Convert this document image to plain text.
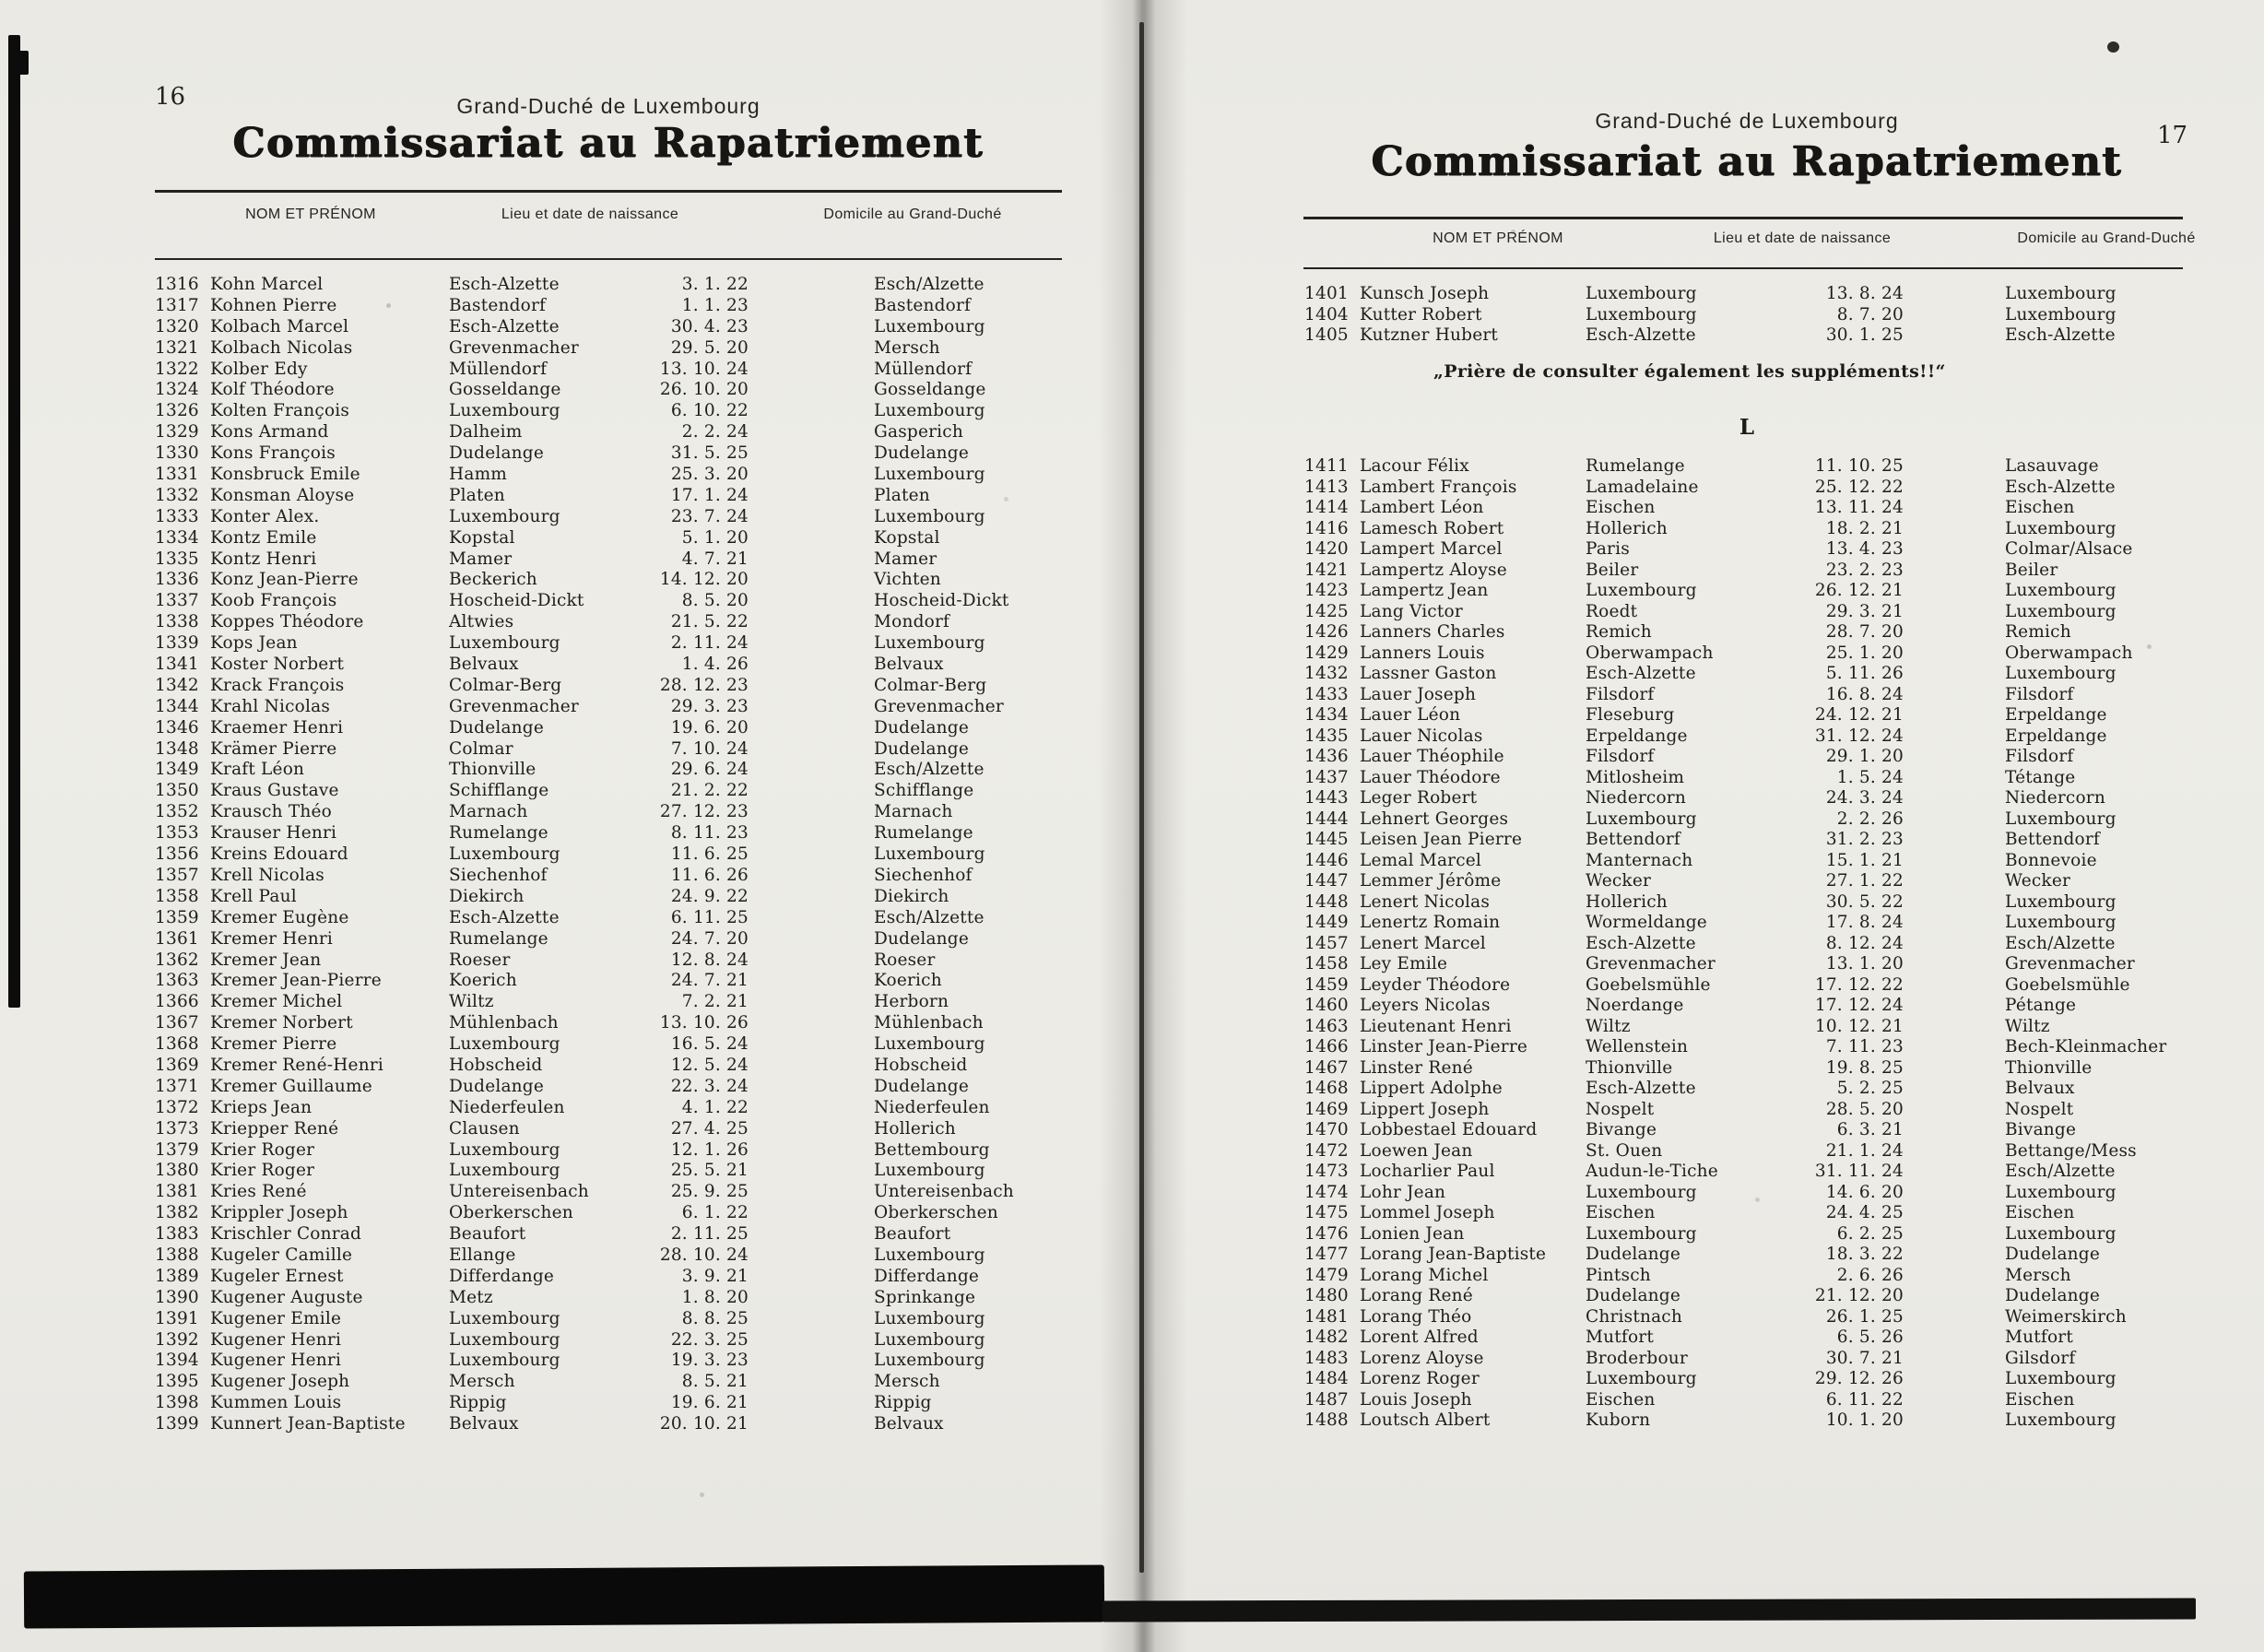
16	Grand-Duché de Luxembourg
Commissariat au Rapatriement
NOM ET PRÉNOM	Lieu et date de naissance	Domicile au Grand-Duché
1316 Kohn Marcel	Esch-Alzette	3. 1. 22	Esch/Alzette
1317 Kohnen Pierre	Bastendorf	1. 1. 23	Bastendorf
1320 Kolbach Marcel	Esch-Alzette	30. 4. 23	Luxembourg
1321 Kolbach Nicolas	Grevenmacher	29. 5. 20	Mersch
1322 Kolber Edy	Müllendorf	13. 10. 24	Müllendorf
1324 Kolf Théodore	Gosseldange	26. 10. 20	Gosseldange
1326 Kolten François	Luxembourg	6. 10. 22	Luxembourg
1329 Kons Armand	Dalheim	2. 2. 24	Gasperich
1330 Kons François	Dudelange	31. 5. 25	Dudelange
1331 Konsbruck Emile	Hamm	25. 3. 20	Luxembourg
1332 Konsman Aloyse	Platen	17. 1. 24	Platen
1333 Konter Alex.	Luxembourg	23. 7. 24	Luxembourg
1334 Kontz Emile	Kopstal	5. 1. 20	Kopstal
1335 Kontz Henri	Mamer	4. 7. 21	Mamer
1336 Konz Jean-Pierre	Beckerich	14. 12. 20	Vichten
1337 Koob François	Hoscheid-Dickt	8. 5. 20	Hoscheid-Dickt
1338 Koppes Théodore	Altwies	21. 5. 22	Mondorf
1339 Kops Jean	Luxembourg	2. 11. 24	Luxembourg
1341 Koster Norbert	Belvaux	1. 4. 26	Belvaux
1342 Krack François	Colmar-Berg	28. 12. 23	Colmar-Berg
1344 Krahl Nicolas	Grevenmacher	29. 3. 23	Grevenmacher
1346 Kraemer Henri	Dudelange	19. 6. 20	Dudelange
1348 Krämer Pierre	Colmar	7. 10. 24	Dudelange
1349 Kraft Léon	Thionville	29. 6. 24	Esch/Alzette
1350 Kraus Gustave	Schifflange	21. 2. 22	Schifflange
1352 Krausch Théo	Marnach	27. 12. 23	Marnach
1353 Krauser Henri	Rumelange	8. 11. 23	Rumelange
1356 Kreins Edouard	Luxembourg	11. 6. 25	Luxembourg
1357 Krell Nicolas	Siechenhof	11. 6. 26	Siechenhof
1358 Krell Paul	Diekirch	24. 9. 22	Diekirch
1359 Kremer Eugène	Esch-Alzette	6. 11. 25	Esch/Alzette
1361 Kremer Henri	Rumelange	24. 7. 20	Dudelange
1362 Kremer Jean	Roeser	12. 8. 24	Roeser
1363 Kremer Jean-Pierre	Koerich	24. 7. 21	Koerich
1366 Kremer Michel	Wiltz	7. 2. 21	Herborn
1367 Kremer Norbert	Mühlenbach	13. 10. 26	Mühlenbach
1368 Kremer Pierre	Luxembourg	16. 5. 24	Luxembourg
1369 Kremer René-Henri	Hobscheid	12. 5. 24	Hobscheid
1371 Kremer Guillaume	Dudelange	22. 3. 24	Dudelange
1372 Krieps Jean	Niederfeulen	4. 1. 22	Niederfeulen
1373 Kriepper René	Clausen	27. 4. 25	Hollerich
1379 Krier Roger	Luxembourg	12. 1. 26	Bettembourg
1380 Krier Roger	Luxembourg	25. 5. 21	Luxembourg
1381 Kries René	Untereisenbach	25. 9. 25	Untereisenbach
1382 Krippler Joseph	Oberkerschen	6. 1. 22	Oberkerschen
1383 Krischler Conrad	Beaufort	2. 11. 25	Beaufort
1388 Kugeler Camille	Ellange	28. 10. 24	Luxembourg
1389 Kugeler Ernest	Differdange	3. 9. 21	Differdange
1390 Kugener Auguste	Metz	1. 8. 20	Sprinkange
1391 Kugener Emile	Luxembourg	8. 8. 25	Luxembourg
1392 Kugener Henri	Luxembourg	22. 3. 25	Luxembourg
1394 Kugener Henri	Luxembourg	19. 3. 23	Luxembourg
1395 Kugener Joseph	Mersch	8. 5. 21	Mersch
1398 Kummen Louis	Rippig	19. 6. 21	Rippig
1399 Kunnert Jean-Baptiste	Belvaux	20. 10. 21	Belvaux
17
Grand-Duché de Luxembourg
Commissariat au Rapatriement
NOM ET PRÉNOM	Lieu et date de naissance	Domicile au Grand-Duché
1401 Kunsch Joseph	Luxembourg	13. 8. 24	Luxembourg
1404 Kutter Robert	Luxembourg	8. 7. 20	Luxembourg
1405 Kutzner Hubert	Esch-Alzette	30. 1. 25	Esch-Alzette
„Prière de consulter également les suppléments!!“
L
1411 Lacour Félix	Rumelange	11. 10. 25	Lasauvage
1413 Lambert François	Lamadelaine	25. 12. 22	Esch-Alzette
1414 Lambert Léon	Eischen	13. 11. 24	Eischen
1416 Lamesch Robert	Hollerich	18. 2. 21	Luxembourg
1420 Lampert Marcel	Paris	13. 4. 23	Colmar/Alsace
1421 Lampertz Aloyse	Beiler	23. 2. 23	Beiler
1423 Lampertz Jean	Luxembourg	26. 12. 21	Luxembourg
1425 Lang Victor	Roedt	29. 3. 21	Luxembourg
1426 Lanners Charles	Remich	28. 7. 20	Remich
1429 Lanners Louis	Oberwampach	25. 1. 20	Oberwampach
1432 Lassner Gaston	Esch-Alzette	5. 11. 26	Luxembourg
1433 Lauer Joseph	Filsdorf	16. 8. 24	Filsdorf
1434 Lauer Léon	Fleseburg	24. 12. 21	Erpeldange
1435 Lauer Nicolas	Erpeldange	31. 12. 24	Erpeldange
1436 Lauer Théophile	Filsdorf	29. 1. 20	Filsdorf
1437 Lauer Théodore	Mitlosheim	1. 5. 24	Tétange
1443 Leger Robert	Niedercorn	24. 3. 24	Niedercorn
1444 Lehnert Georges	Luxembourg	2. 2. 26	Luxembourg
1445 Leisen Jean Pierre	Bettendorf	31. 2. 23	Bettendorf
1446 Lemal Marcel	Manternach	15. 1. 21	Bonnevoie
1447 Lemmer Jérôme	Wecker	27. 1. 22	Wecker
1448 Lenert Nicolas	Hollerich	30. 5. 22	Luxembourg
1449 Lenertz Romain	Wormeldange	17. 8. 24	Luxembourg
1457 Lenert Marcel	Esch-Alzette	8. 12. 24	Esch/Alzette
1458 Ley Emile	Grevenmacher	13. 1. 20	Grevenmacher
1459 Leyder Théodore	Goebelsmühle	17. 12. 22	Goebelsmühle
1460 Leyers Nicolas	Noerdange	17. 12. 24	Pétange
1463 Lieutenant Henri	Wiltz	10. 12. 21	Wiltz
1466 Linster Jean-Pierre	Wellenstein	7. 11. 23	Bech-Kleinmacher
1467 Linster René	Thionville	19. 8. 25	Thionville
1468 Lippert Adolphe	Esch-Alzette	5. 2. 25	Belvaux
1469 Lippert Joseph	Nospelt	28. 5. 20	Nospelt
1470 Lobbestael Edouard	Bivange	6. 3. 21	Bivange
1472 Loewen Jean	St. Ouen	21. 1. 24	Bettange/Mess
1473 Locharlier Paul	Audun-le-Tiche	31. 11. 24	Esch/Alzette
1474 Lohr Jean	Luxembourg	14. 6. 20	Luxembourg
1475 Lommel Joseph	Eischen	24. 4. 25	Eischen
1476 Lonien Jean	Luxembourg	6. 2. 25	Luxembourg
1477 Lorang Jean-Baptiste	Dudelange	18. 3. 22	Dudelange
1479 Lorang Michel	Pintsch	2. 6. 26	Mersch
1480 Lorang René	Dudelange	21. 12. 20	Dudelange
1481 Lorang Théo	Christnach	26. 1. 25	Weimerskirch
1482 Lorent Alfred	Mutfort	6. 5. 26	Mutfort
1483 Lorenz Aloyse	Broderbour	30. 7. 21	Gilsdorf
1484 Lorenz Roger	Luxembourg	29. 12. 26	Luxembourg
1487 Louis Joseph	Eischen	6. 11. 22	Eischen
1488 Loutsch Albert	Kuborn	10. 1. 20	Luxembourg
